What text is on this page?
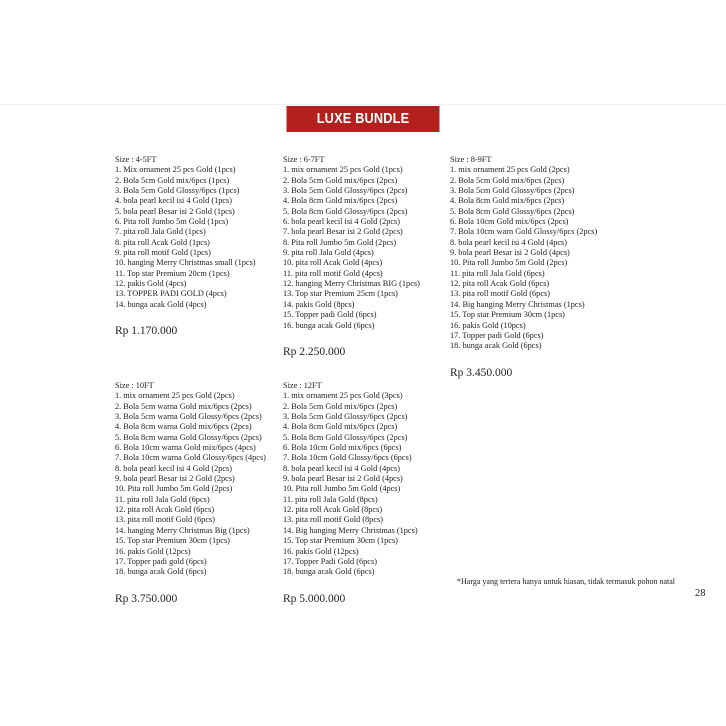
LUXE BUNDLE
Size : 4-5FT
1. Mix ornament 25 pcs Gold (1pcs)
2. Bola 5cm Gold mix/6pcs (1pcs)
3. Bola 5cm Gold Glossy/6pcs (1pcs)
4. bola pearl kecil isi 4 Gold (1pcs)
5. bola pearl Besar isi 2 Gold (1pcs)
6. Pita roll Jumbo 5m Gold (1pcs)
7. pita roll Jala Gold (1pcs)
8. pita roll Acak Gold (1pcs)
9. pita roll motif Gold (1pcs)
10. hanging Merry Christmas small (1pcs)
11. Top star Premium 20cm (1pcs)
12. pakis Gold (4pcs)
13. TOPPER PADI GOLD (4pcs)
14. bunga acak Gold (4pcs)
Rp 1.170.000
Size : 6-7FT
1. mix ornament 25 pcs Gold (1pcs)
2. Bola 5cm Gold mix/6pcs (2pcs)
3. Bola 5cm Gold Glossy/6pcs (2pcs)
4. Bola 8cm Gold mix/6pcs (2pcs)
5. Bola 8cm Gold Glossy/6pcs (2pcs)
6. bola pearl kecil isi 4 Gold (2pcs)
7. bola pearl Besar isi 2 Gold (2pcs)
8. Pita roll Jumbo 5m Gold (2pcs)
9. pita roll Jala Gold (4pcs)
10. pita roll Acak Gold (4pcs)
11. pita roll motif Gold (4pcs)
12. hanging Merry Christmas BIG (1pcs)
13. Top star Premium 25cm (1pcs)
14. pakis Gold (8pcs)
15. Topper padi Gold (6pcs)
16. bunga acak Gold (6pcs)
Rp 2.250.000
Size : 8-9FT
1. mix ornament 25 pcs Gold (2pcs)
2. Bola 5cm Gold mix/6pcs (2pcs)
3. Bola 5cm Gold Glossy/6pcs (2pcs)
4. Bola 8cm Gold mix/6pcs (2pcs)
5. Bola 8cm Gold Glossy/6pcs (2pcs)
6. Bola 10cm Gold mix/6pcs (2pcs)
7. Bola 10cm warn Gold Glossy/6pcs (2pcs)
8. bola pearl kecil isi 4 Gold (4pcs)
9. bola pearl Besar isi 2 Gold (4pcs)
10. Pita roll Jumbo 5m Gold (2pcs)
11. pita roll Jala Gold (6pcs)
12. pita roll Acak Gold (6pcs)
13. pita roll motif Gold (6pcs)
14. Big hanging Merry Christmas (1pcs)
15. Top star Premium 30cm (1pcs)
16. pakis Gold (10pcs)
17. Topper padi Gold (6pcs)
18. bunga acak Gold (6pcs)
Rp 3.450.000
Size : 10FT
1. mix ornament 25 pcs Gold (2pcs)
2. Bola 5cm warna Gold mix/6pcs (2pcs)
3. Bola 5cm warna Gold Glossy/6pcs (2pcs)
4. Bola 8cm warna Gold mix/6pcs (2pcs)
5. Bola 8cm warna Gold Glossy/6pcs (2pcs)
6. Bola 10cm warna Gold mix/6pcs (4pcs)
7. Bola 10cm warna Gold Glossy/6pcs (4pcs)
8. bola pearl kecil isi 4 Gold (2pcs)
9. bola pearl Besar isi 2 Gold (2pcs)
10. Pita roll Jumbo 5m Gold (2pcs)
11. pita roll Jala Gold (6pcs)
12. pita roll Acak Gold (6pcs)
13. pita roll motif Gold (6pcs)
14. hanging Merry Christmas Big (1pcs)
15. Top star Premium 30cm (1pcs)
16. pakis Gold (12pcs)
17. Topper padi gold (6pcs)
18. bunga acak Gold (6pcs)
Rp 3.750.000
Size : 12FT
1. mix ornament 25 pcs Gold (3pcs)
2. Bola 5cm Gold mix/6pcs (2pcs)
3. Bola 5cm Gold Glossy/6pcs (2pcs)
4. Bola 8cm Gold mix/6pcs (2pcs)
5. Bola 8cm Gold Glossy/6pcs (2pcs)
6. Bola 10cm Gold mix/6pcs (6pcs)
7. Bola 10cm Gold Glossy/6pcs (6pcs)
8. bola pearl kecil isi 4 Gold (4pcs)
9. bola pearl Besar isi 2 Gold (4pcs)
10. Pita roll Jumbo 5m Gold (4pcs)
11. pita roll Jala Gold (8pcs)
12. pita roll Acak Gold (8pcs)
13. pita roll motif Gold (8pcs)
14. Big hanging Merry Christmas (1pcs)
15. Top star Premium 30cm (1pcs)
16. pakis Gold (12pcs)
17. Topper Padi Gold (6pcs)
18. bunga acak Gold (6pcs)
Rp 5.000.000
*Harga yang tertera hanya untuk hiasan, tidak termasuk pohon natal
28
